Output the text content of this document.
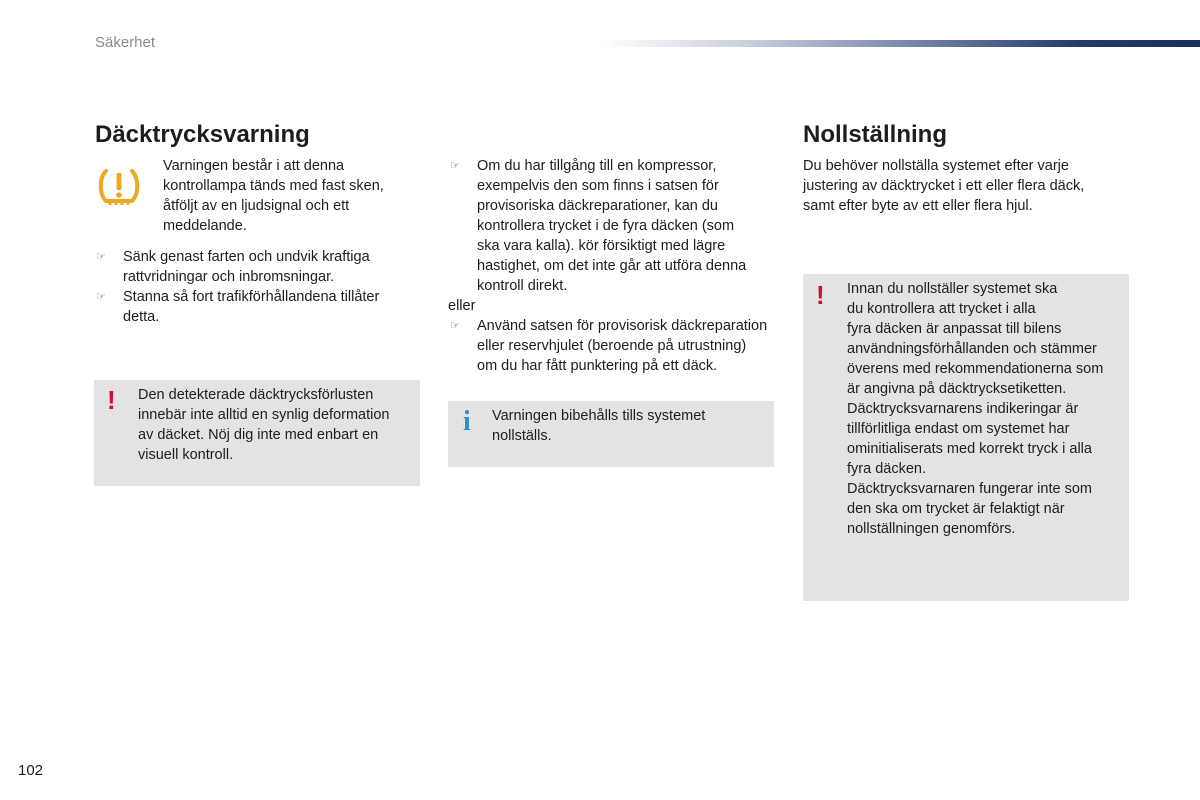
Säkerhet
Däcktrycksvarning
Varningen består i att denna
kontrollampa tänds med fast sken,
åtföljt av en ljudsignal och ett
meddelande.
☞ Sänk genast farten och undvik kraftiga
rattvridningar och inbromsningar.
☞ Stanna så fort trafikförhållandena tillåter
detta.
! Den detekterade däcktrycksförlusten
innebär inte alltid en synlig deformation
av däcket. Nöj dig inte med enbart en
visuell kontroll.
☞ Om du har tillgång till en kompressor,
exempelvis den som finns i satsen för
provisoriska däckreparationer, kan du
kontrollera trycket i de fyra däcken (som
ska vara kalla). kör försiktigt med lägre
hastighet, om det inte går att utföra denna
kontroll direkt.
eller
☞ Använd satsen för provisorisk däckreparation
eller reservhjulet (beroende på utrustning)
om du har fått punktering på ett däck.
i Varningen bibehålls tills systemet
nollställs.
Nollställning
Du behöver nollställa systemet efter varje
justering av däcktrycket i ett eller flera däck,
samt efter byte av ett eller flera hjul.
! Innan du nollställer systemet ska
du kontrollera att trycket i alla
fyra däcken är anpassat till bilens
användningsförhållanden och stämmer
överens med rekommendationerna som
är angivna på däcktrycksetiketten.
Däcktrycksvarnarens indikeringar är
tillförlitliga endast om systemet har
ominitialiserats med korrekt tryck i alla
fyra däcken.
Däcktrycksvarnaren fungerar inte som
den ska om trycket är felaktigt när
nollställningen genomförs.
102
